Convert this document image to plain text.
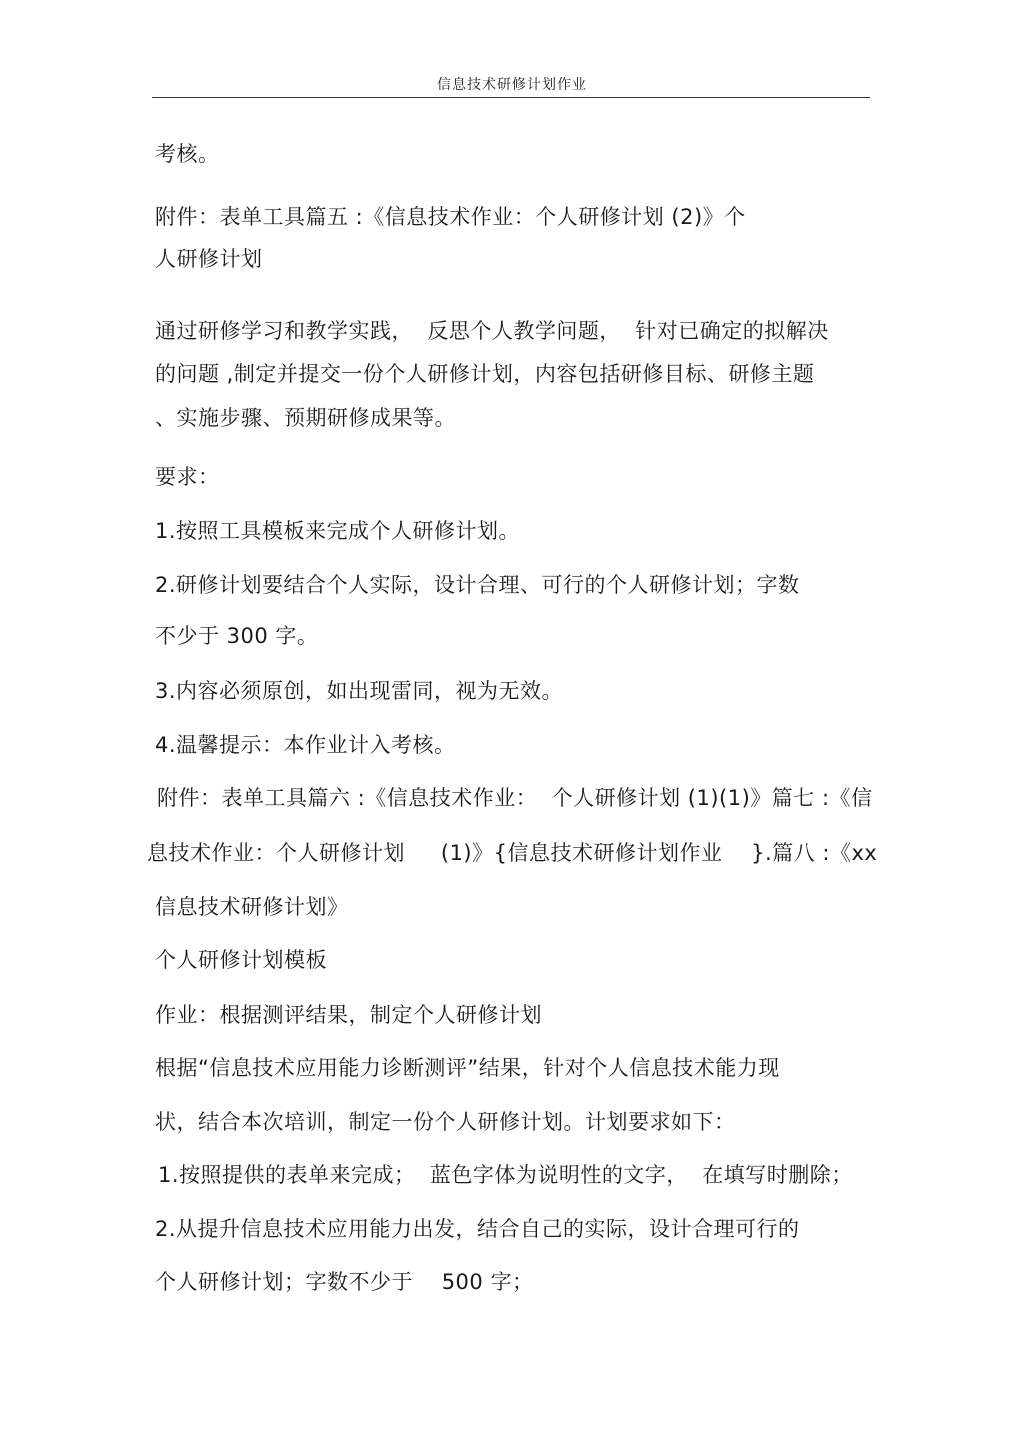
信息技术研修计划作业
考核。
附件：表单工具篇五 :《信息技术作业：个人研修计划 (2)》个
人研修计划
通过研修学习和教学实践，  反思个人教学问题，  针对已确定的拟解决
的问题 ,制定并提交一份个人研修计划，内容包括研修目标、研修主题
、实施步骤、预期研修成果等。
要求：
1.按照工具模板来完成个人研修计划。
2.研修计划要结合个人实际，设计合理、可行的个人研修计划；字数
不少于 300 字。
3.内容必须原创，如出现雷同，视为无效。
4.温馨提示：本作业计入考核。
附件：表单工具篇六 :《信息技术作业：  个人研修计划 (1)(1)》篇七 :《信
息技术作业：个人研修计划     (1)》{信息技术研修计划作业    }.篇八 :《xx
信息技术研修计划》
个人研修计划模板
作业：根据测评结果，制定个人研修计划
根据“信息技术应用能力诊断测评”结果，针对个人信息技术能力现
状，结合本次培训，制定一份个人研修计划。计划要求如下：
1.按照提供的表单来完成；  蓝色字体为说明性的文字，  在填写时删除；
2.从提升信息技术应用能力出发，结合自己的实际，设计合理可行的
个人研修计划；字数不少于    500 字；
